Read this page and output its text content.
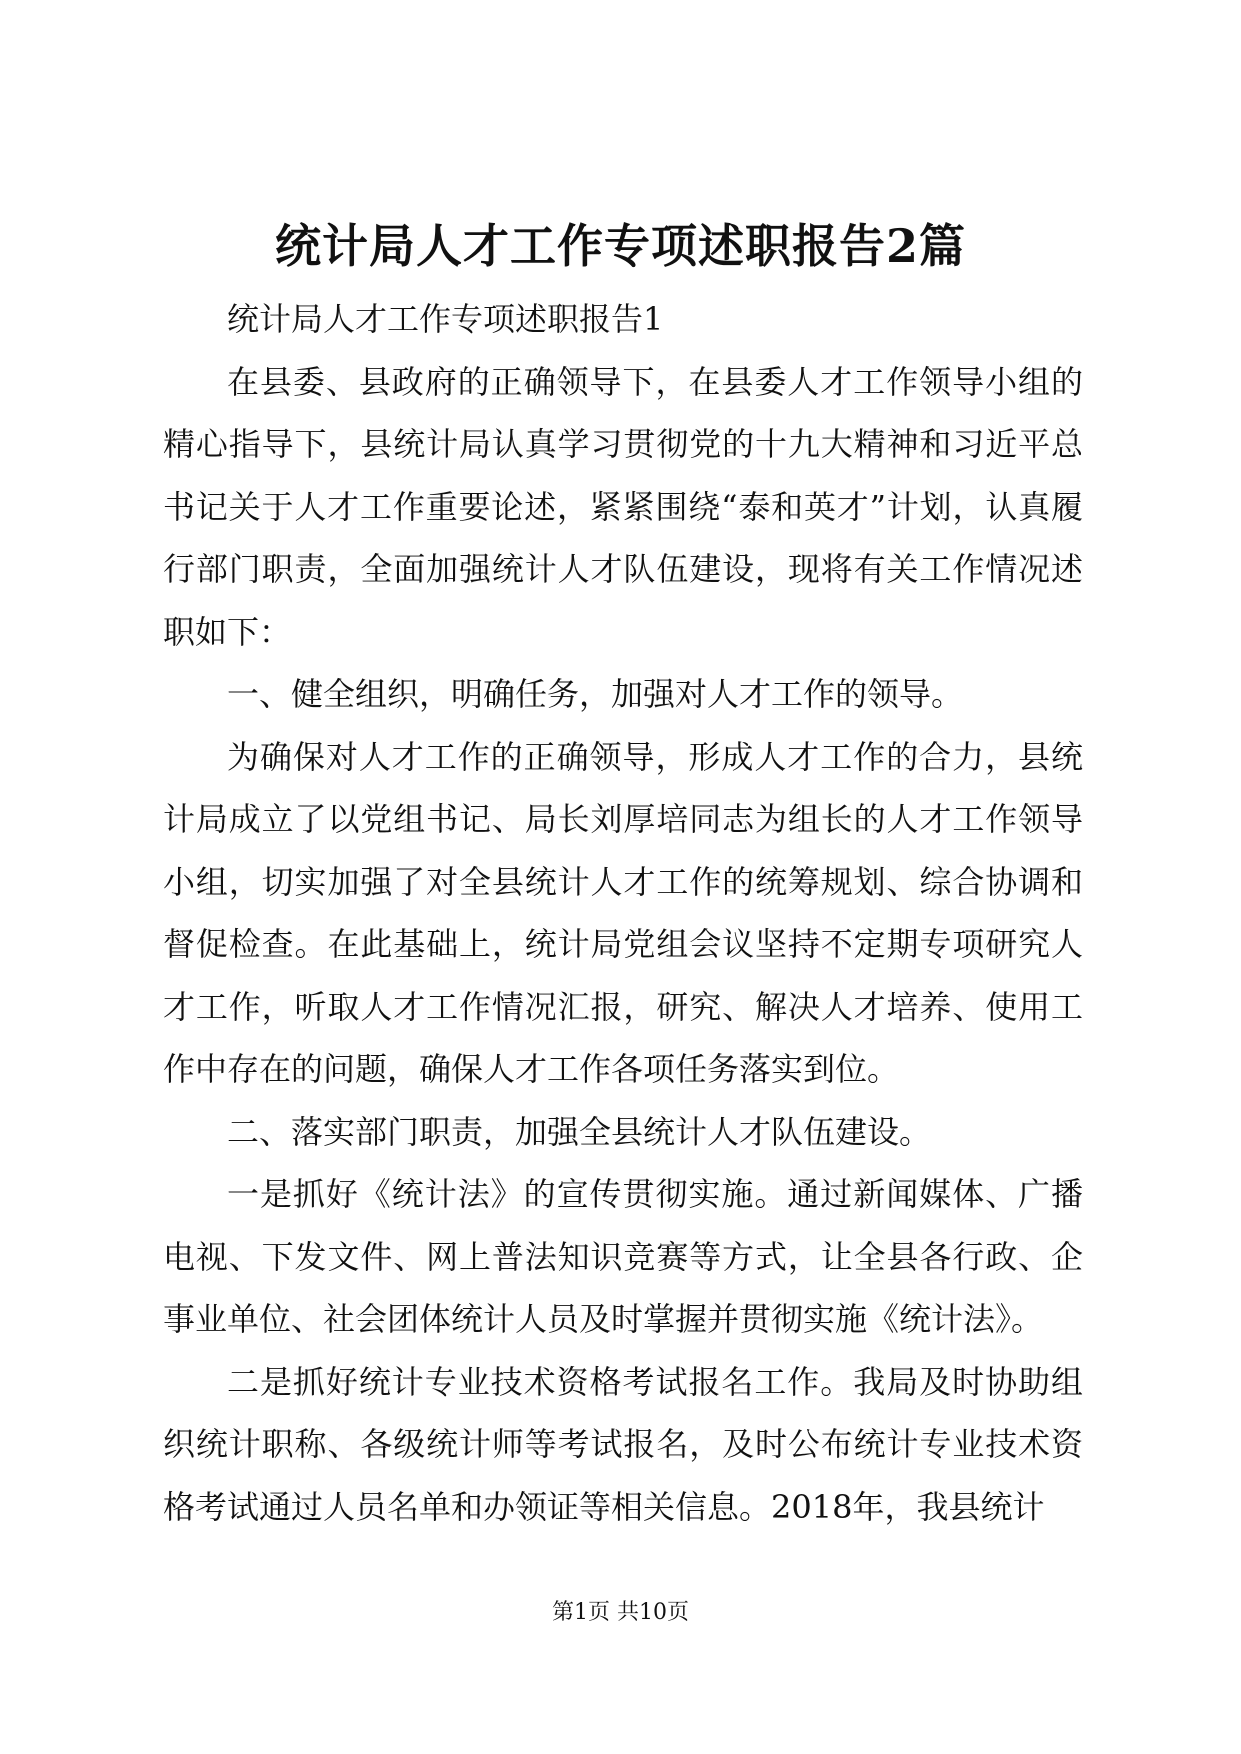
统计局人才工作专项述职报告2篇

统计局人才工作专项述职报告1

在县委、县政府的正确领导下，在县委人才工作领导小组的精心指导下，县统计局认真学习贯彻党的十九大精神和习近平总书记关于人才工作重要论述，紧紧围绕“泰和英才”计划，认真履行部门职责，全面加强统计人才队伍建设，现将有关工作情况述职如下：

一、健全组织，明确任务，加强对人才工作的领导。

为确保对人才工作的正确领导，形成人才工作的合力，县统计局成立了以党组书记、局长刘厚培同志为组长的人才工作领导小组，切实加强了对全县统计人才工作的统筹规划、综合协调和督促检查。在此基础上，统计局党组会议坚持不定期专项研究人才工作，听取人才工作情况汇报，研究、解决人才培养、使用工作中存在的问题，确保人才工作各项任务落实到位。

二、落实部门职责，加强全县统计人才队伍建设。

一是抓好《统计法》的宣传贯彻实施。通过新闻媒体、广播电视、下发文件、网上普法知识竞赛等方式，让全县各行政、企事业单位、社会团体统计人员及时掌握并贯彻实施《统计法》。

二是抓好统计专业技术资格考试报名工作。我局及时协助组织统计职称、各级统计师等考试报名，及时公布统计专业技术资格考试通过人员名单和办领证等相关信息。2018年，我县统计

第1页 共10页
